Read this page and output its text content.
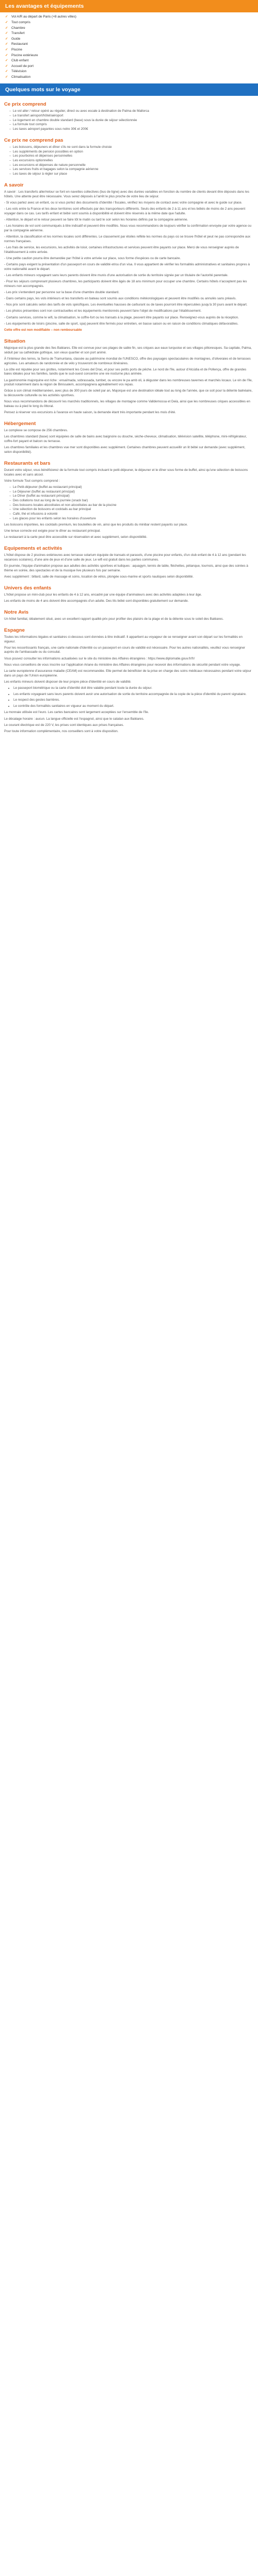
Les avantages et équipements
✓	Vol A/R au départ de Paris (+8 autres villes)
✓	Tout compris
✓	Chambre
✓	Transfert
✓	Guide
✓	Restaurant
✓	Piscine
✓	Piscine extérieure
✓	Club enfant
✓	Accueil de port
✓	Télévision
✓	Climatisation
Quelques mots sur le voyage
Ce prix comprend
– Le vol aller / retour opéré au régulier, direct ou avec escale à destination de Palma de Mallorca
– Le transfert aéroport/hôtel/aéroport
– Le logement en chambre double standard (base) sous la durée de séjour sélectionnée
– La formule tout compris
– Les taxes aéroport payantes sous notre 30€ et 200€
Ce prix ne comprend pas
– Les boissons, déjeuners et dîner s'ils ne sont dans la formule choisie
– Les suppléments de pension possibles en option
– Les pourboires et dépenses personnelles
– Les excursions optionnelles
– Les excursions et dépenses de nature personnelle
– Les services fruits et bagages selon la compagnie aérienne
– Les taxes de séjour à régler sur place
A savoir

A savoir : Les transferts aller/retour se font en navettes collectives (bus de ligne) avec des durées variables en fonction du nombre de clients devant être déposés dans les hôtels. Une attente peut être nécessaire. Vous serez déposés à l'arrêt le plus proche de votre lieu de séjour.

- Si vous partez avec un enfant, ou si vous portez des documents d'identité / fiscales, vérifiez les moyens de contact avec votre compagnie et avec le guide sur place.

- Les vols entre la France et les deux territoires sont effectués par des transporteurs différents. Seuls des enfants de 2 à 11 ans et les bébés de moins de 2 ans peuvent voyager dans ce cas. Les tarifs enfant et bébé sont soumis à disponibilité et doivent être réservés à la même date que l'adulte.

- Attention, le départ et le retour peuvent se faire tôt le matin ou tard le soir selon les horaires définis par la compagnie aérienne.

- Les horaires de vol sont communiqués à titre indicatif et peuvent être modifiés. Nous vous recommandons de toujours vérifier la confirmation envoyée par votre agence ou par la compagnie aérienne.

- Attention, la classification et les normes locales sont différentes. Le classement par étoiles reflète les normes du pays où se trouve l'hôtel et peut ne pas correspondre aux normes françaises.

- Les frais de service, les excursions, les activités de loisir, certaines infrastructures et services peuvent être payants sur place. Merci de vous renseigner auprès de l'établissement à votre arrivée.

- Une petite caution pourra être demandée par l'hôtel à votre arrivée sur place, sous forme d'espèces ou de carte bancaire.

- Certains pays exigent la présentation d'un passeport en cours de validité et/ou d'un visa. Il vous appartient de vérifier les formalités administratives et sanitaires propres à votre nationalité avant le départ.

- Les enfants mineurs voyageant sans leurs parents doivent être munis d'une autorisation de sortie du territoire signée par un titulaire de l'autorité parentale.

- Pour les séjours comprenant plusieurs chambres, les participants doivent être âgés de 18 ans minimum pour occuper une chambre. Certains hôtels n'acceptent pas les mineurs non accompagnés.

- Les prix s'entendent par personne sur la base d'une chambre double standard.

- Dans certains pays, les vols intérieurs et les transferts en bateau sont soumis aux conditions météorologiques et peuvent être modifiés ou annulés sans préavis.

- Nos prix sont calculés selon des tarifs de vols spécifiques. Les éventuelles hausses de carburant ou de taxes pourront être répercutées jusqu'à 30 jours avant le départ.

- Les photos présentées sont non contractuelles et les équipements mentionnés peuvent faire l'objet de modifications par l'établissement.

- Certains services, comme le wifi, la climatisation, le coffre-fort ou les transats à la plage, peuvent être payants sur place. Renseignez-vous auprès de la réception.

- Les équipements de loisirs (piscine, salle de sport, spa) peuvent être fermés pour entretien, en basse saison ou en raison de conditions climatiques défavorables.

Cette offre est non modifiable – non remboursable

Situation

Majorque est la plus grande des îles Baléares. Elle est connue pour ses plages de sable fin, ses criques aux eaux turquoise et ses villages pittoresques. Sa capitale, Palma, séduit par sa cathédrale gothique, son vieux quartier et son port animé.

À l'intérieur des terres, la Serra de Tramuntana, classée au patrimoine mondial de l'UNESCO, offre des paysages spectaculaires de montagnes, d'oliveraies et de terrasses agricoles. Les amateurs de randonnée et de vélo y trouveront de nombreux itinéraires.

La côte est réputée pour ses grottes, notamment les Coves del Drac, et pour ses petits ports de pêche. Le nord de l'île, autour d'Alcúdia et de Pollença, offre de grandes baies idéales pour les familles, tandis que le sud-ouest concentre une vie nocturne plus animée.

La gastronomie majorquine est riche : ensaïmada, sobrassada, tumbet, ou encore le pa amb oli, à déguster dans les nombreuses tavernes et marchés locaux. Le vin de l'île, produit notamment dans la région de Binissalem, accompagnera agréablement vos repas.

Grâce à son climat méditerranéen, avec plus de 300 jours de soleil par an, Majorque est une destination idéale tout au long de l'année, que ce soit pour la détente balnéaire, la découverte culturelle ou les activités sportives.

Nous vous recommandons de découvrir les marchés traditionnels, les villages de montagne comme Valldemossa et Deià, ainsi que les nombreuses criques accessibles en bateau ou à pied le long du littoral.

Pensez à réserver vos excursions à l'avance en haute saison, la demande étant très importante pendant les mois d'été.

Hébergement

Le complexe se compose de 256 chambres.

Les chambres standard (base) sont équipées de salle de bains avec baignoire ou douche, sèche-cheveux, climatisation, télévision satellite, téléphone, mini-réfrigérateur, coffre-fort payant et balcon ou terrasse.

Les chambres familiales et les chambres vue mer sont disponibles avec supplément. Certaines chambres peuvent accueillir un lit bébé sur demande (avec supplément, selon disponibilité).

Restaurants et bars

Durant votre séjour, vous bénéficierez de la formule tout compris incluant le petit-déjeuner, le déjeuner et le dîner sous forme de buffet, ainsi qu'une sélection de boissons locales avec et sans alcool.

Votre formule Tout compris comprend :

– Le Petit-déjeuner (buffet au restaurant principal)
– Le Déjeuner (buffet au restaurant principal)
– Le Dîner (buffet au restaurant principal)
– Des collations tout au long de la journée (snack bar)
– Des boissons locales alcoolisées et non alcoolisées au bar de la piscine
– Une sélection de boissons et cocktails au bar principal
– Café, thé et infusions à volonté
– Les glaces pour les enfants selon les horaires d'ouverture

Les boissons importées, les cocktails premium, les bouteilles de vin, ainsi que les produits du minibar restent payants sur place.

Une tenue correcte est exigée pour le dîner au restaurant principal.

Le restaurant à la carte peut être accessible sur réservation et avec supplément, selon disponibilité.

Equipements et activités

L'hôtel dispose de 2 piscines extérieures avec terrasse solarium équipée de transats et parasols, d'une piscine pour enfants, d'un club enfant de 4 à 12 ans (pendant les vacances scolaires), d'une aire de jeux et d'une salle de jeux. Le wifi est gratuit dans les parties communes.

En journée, l'équipe d'animation propose aux adultes des activités sportives et ludiques : aquagym, tennis de table, fléchettes, pétanque, tournois, ainsi que des soirées à thème en soirée, des spectacles et de la musique live plusieurs fois par semaine.

Avec supplément : billard, salle de massage et soins, location de vélos, plongée sous-marine et sports nautiques selon disponibilité.

Univers des enfants

L'hôtel propose un mini-club pour les enfants de 4 à 12 ans, encadré par une équipe d'animateurs avec des activités adaptées à leur âge.

Les enfants de moins de 4 ans doivent être accompagnés d'un adulte. Des lits bébé sont disponibles gratuitement sur demande.

Notre Avis

Un hôtel familial, idéalement situé, avec un excellent rapport qualité-prix pour profiter des plaisirs de la plage et de la détente sous le soleil des Baléares.

Espagne

Toutes les informations légales et sanitaires ci-dessous sont données à titre indicatif. Il appartient au voyageur de se renseigner avant son départ sur les formalités en vigueur.

Pour les ressortissants français, une carte nationale d'identité ou un passeport en cours de validité est nécessaire. Pour les autres nationalités, veuillez vous renseigner auprès de l'ambassade ou du consulat.

Vous pouvez consulter les informations actualisées sur le site du ministère des Affaires étrangères : https://www.diplomatie.gouv.fr/fr/

Nous vous conseillons de vous inscrire sur l'application Ariane du ministère des Affaires étrangères pour recevoir des informations de sécurité pendant votre voyage.

La carte européenne d'assurance maladie (CEAM) est recommandée. Elle permet de bénéficier de la prise en charge des soins médicaux nécessaires pendant votre séjour dans un pays de l'Union européenne.

Les enfants mineurs doivent disposer de leur propre pièce d'identité en cours de validité.

• Le passeport biométrique ou la carte d'identité doit être valable pendant toute la durée du séjour.
• Les enfants voyageant sans leurs parents doivent avoir une autorisation de sortie du territoire accompagnée de la copie de la pièce d'identité du parent signataire.
• Le respect des gestes barrières.
• Le contrôle des formalités sanitaires en vigueur au moment du départ.

La monnaie utilisée est l'euro. Les cartes bancaires sont largement acceptées sur l'ensemble de l'île.

Le décalage horaire : aucun. La langue officielle est l'espagnol, ainsi que le catalan aux Baléares.

Le courant électrique est de 220 V, les prises sont identiques aux prises françaises.

Pour toute information complémentaire, nos conseillers sont à votre disposition.
